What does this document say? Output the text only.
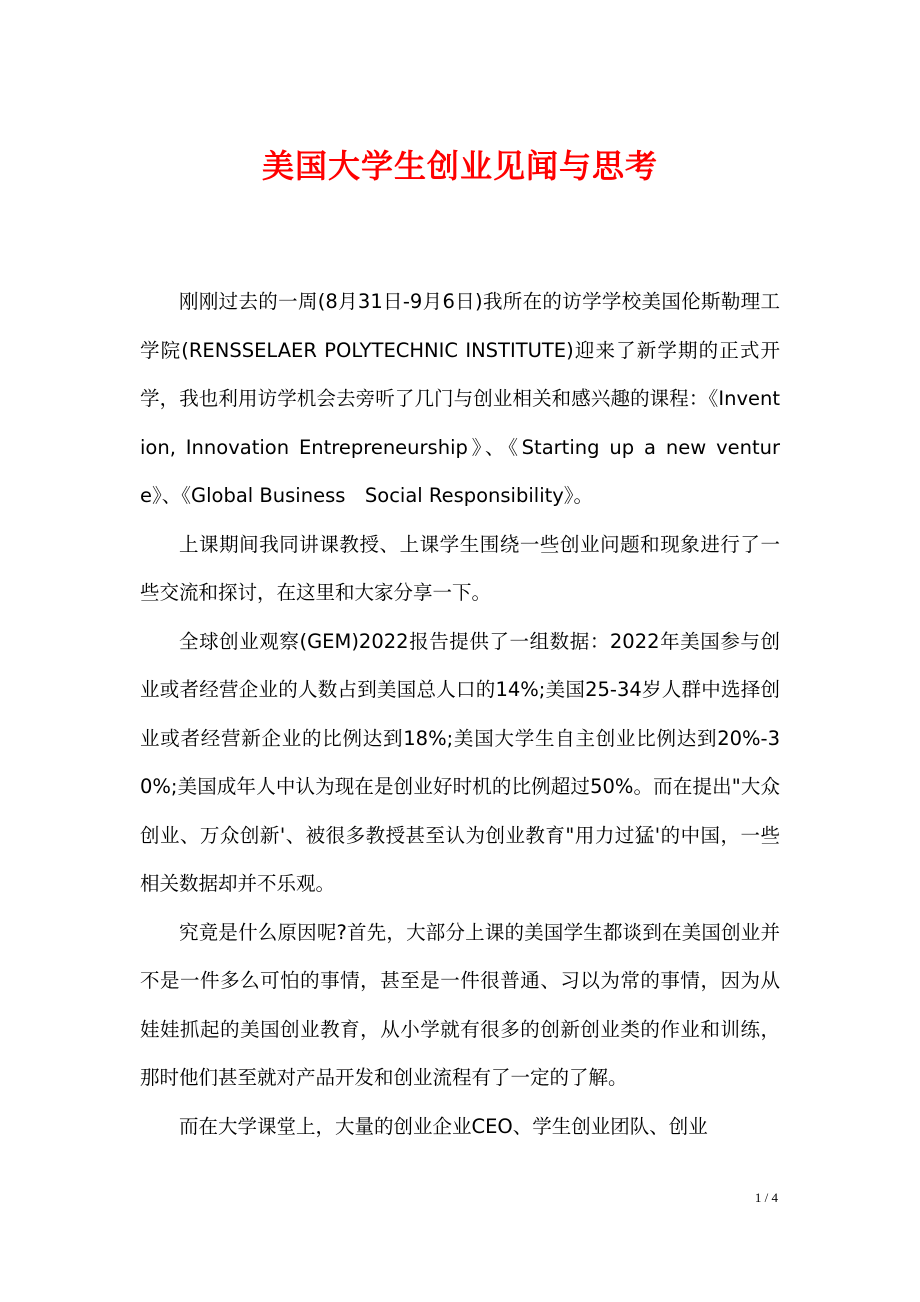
美国大学生创业见闻与思考

刚刚过去的一周(8月31日-9月6日)我所在的访学学校美国伦斯勒理工学院(RENSSELAER POLYTECHNIC INSTITUTE)迎来了新学期的正式开学，我也利用访学机会去旁听了几门与创业相关和感兴趣的课程：《Invention, Innovation Entrepreneurship》、《Starting up a new venture》、《Global Business　Social Responsibility》。

上课期间我同讲课教授、上课学生围绕一些创业问题和现象进行了一些交流和探讨，在这里和大家分享一下。

全球创业观察(GEM)2022报告提供了一组数据：2022年美国参与创业或者经营企业的人数占到美国总人口的14%;美国25-34岁人群中选择创业或者经营新企业的比例达到18%;美国大学生自主创业比例达到20%-30%;美国成年人中认为现在是创业好时机的比例超过50%。而在提出"大众创业、万众创新'、被很多教授甚至认为创业教育"用力过猛'的中国，一些相关数据却并不乐观。

究竟是什么原因呢?首先，大部分上课的美国学生都谈到在美国创业并不是一件多么可怕的事情，甚至是一件很普通、习以为常的事情，因为从娃娃抓起的美国创业教育，从小学就有很多的创新创业类的作业和训练，那时他们甚至就对产品开发和创业流程有了一定的了解。

而在大学课堂上，大量的创业企业CEO、学生创业团队、创业

1 / 4
